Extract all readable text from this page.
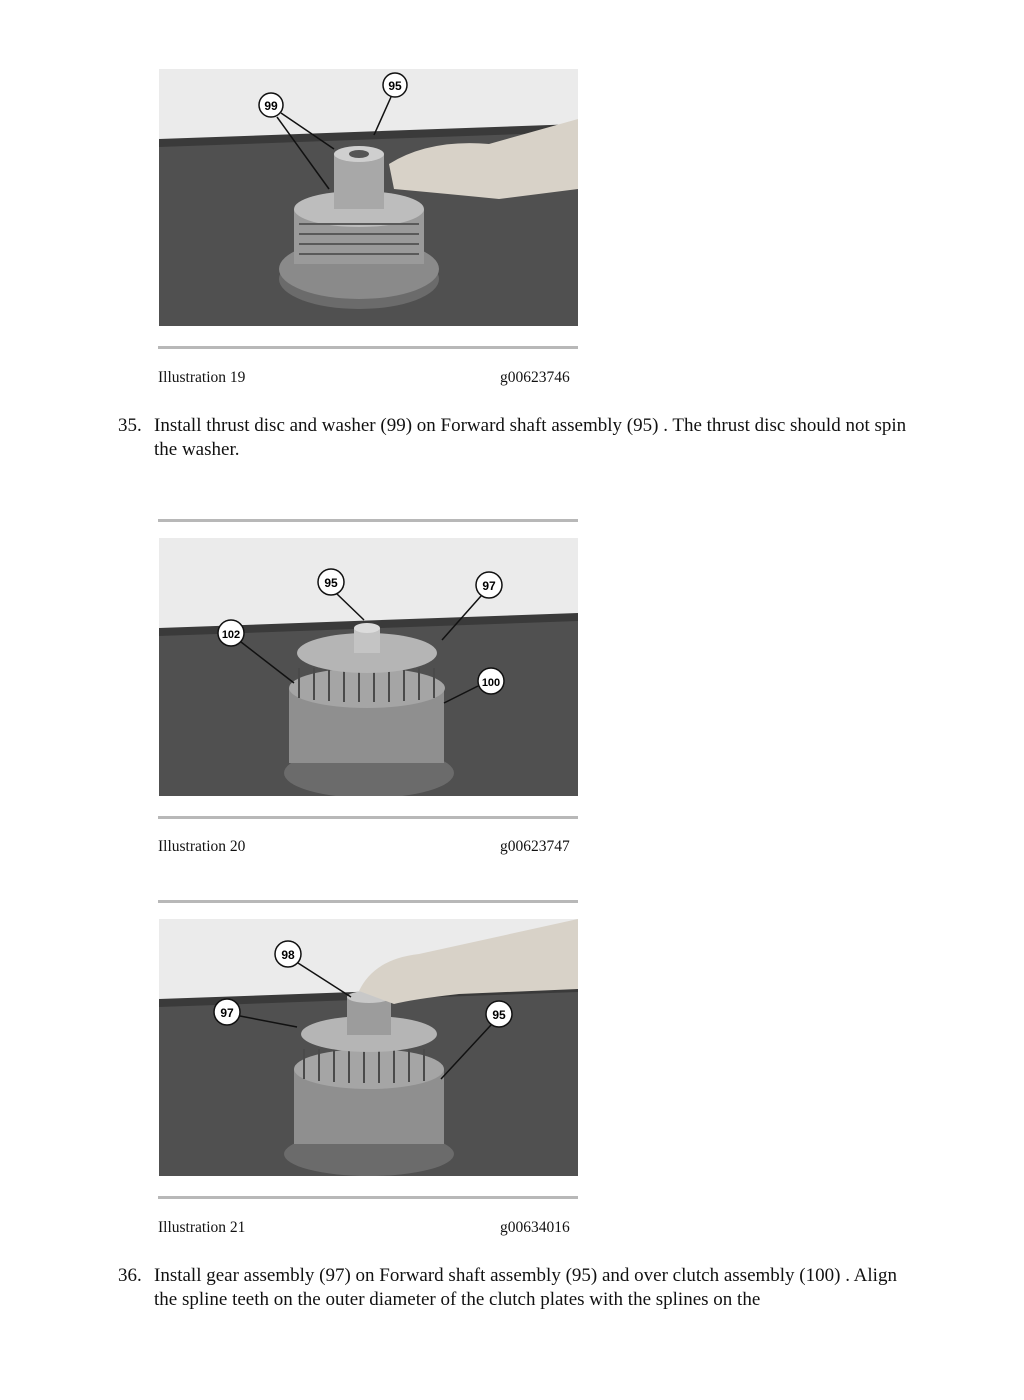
99
95
Illustration 19	g00623746
35. Install thrust disc and washer (99) on Forward shaft assembly (95) . The thrust disc should not spin the washer.
95	97
102
100
Illustration 20	g00623747
98
97	95
Illustration 21	g00634016
36. Install gear assembly (97) on Forward shaft assembly (95) and over clutch assembly (100) . Align the spline teeth on the outer diameter of the clutch plates with the splines on the
